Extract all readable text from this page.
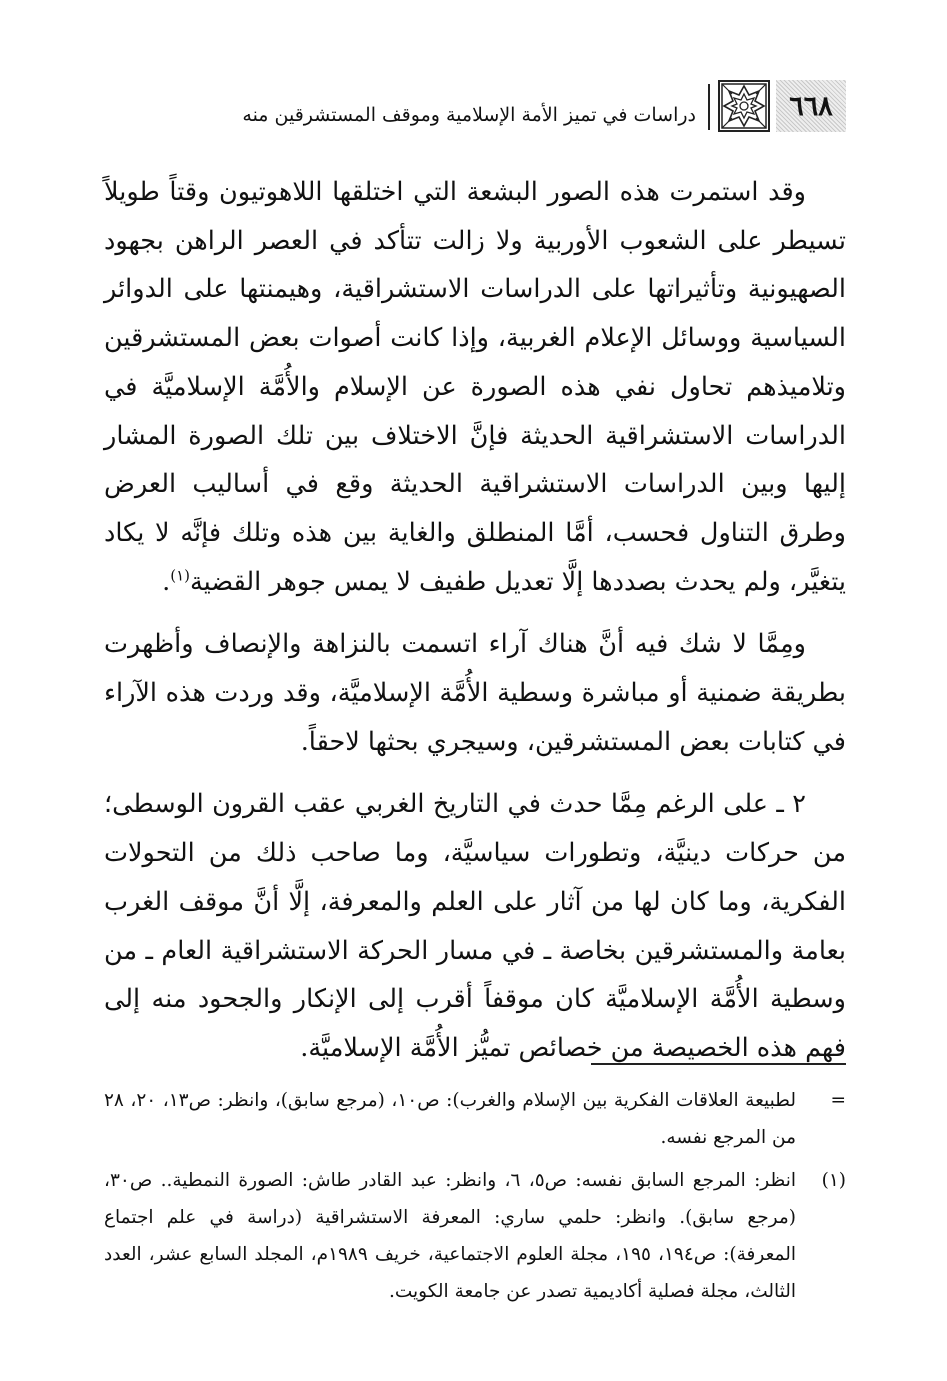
٦٦٨
دراسات في تميز الأمة الإسلامية وموقف المستشرقين منه

وقد استمرت هذه الصور البشعة التي اختلقها اللاهوتيون وقتاً طويلاً تسيطر على الشعوب الأوربية ولا زالت تتأكد في العصر الراهن بجهود الصهيونية وتأثيراتها على الدراسات الاستشراقية، وهيمنتها على الدوائر السياسية ووسائل الإعلام الغربية، وإذا كانت أصوات بعض المستشرقين وتلاميذهم تحاول نفي هذه الصورة عن الإسلام والأُمَّة الإسلاميَّة في الدراسات الاستشراقية الحديثة فإنَّ الاختلاف بين تلك الصورة المشار إليها وبين الدراسات الاستشراقية الحديثة وقع في أساليب العرض وطرق التناول فحسب، أمَّا المنطلق والغاية بين هذه وتلك فإنَّه لا يكاد يتغيَّر، ولم يحدث بصددها إلَّا تعديل طفيف لا يمس جوهر القضية$^{(١)}$.

ومِمَّا لا شك فيه أنَّ هناك آراء اتسمت بالنزاهة والإنصاف وأظهرت بطريقة ضمنية أو مباشرة وسطية الأُمَّة الإسلاميَّة، وقد وردت هذه الآراء في كتابات بعض المستشرقين، وسيجري بحثها لاحقاً.

٢ ـ على الرغم مِمَّا حدث في التاريخ الغربي عقب القرون الوسطى؛ من حركات دينيَّة، وتطورات سياسيَّة، وما صاحب ذلك من التحولات الفكرية، وما كان لها من آثار على العلم والمعرفة، إلَّا أنَّ موقف الغرب بعامة والمستشرقين بخاصة ـ في مسار الحركة الاستشراقية العام ـ من وسطية الأُمَّة الإسلاميَّة كان موقفاً أقرب إلى الإنكار والجحود منه إلى فهم هذه الخصيصة من خصائص تميُّز الأُمَّة الإسلاميَّة.

=
لطبيعة العلاقات الفكرية بين الإسلام والغرب): ص١٠، (مرجع سابق)، وانظر: ص١٣، ٢٠، ٢٨ من المرجع نفسه.
(١)
انظر: المرجع السابق نفسه: ص٥، ٦، وانظر: عبد القادر طاش: الصورة النمطية.. ص٣٠، (مرجع سابق). وانظر: حلمي ساري: المعرفة الاستشراقية (دراسة في علم اجتماع المعرفة): ص١٩٤، ١٩٥، مجلة العلوم الاجتماعية، خريف ١٩٨٩م، المجلد السابع عشر، العدد الثالث، مجلة فصلية أكاديمية تصدر عن جامعة الكويت.
